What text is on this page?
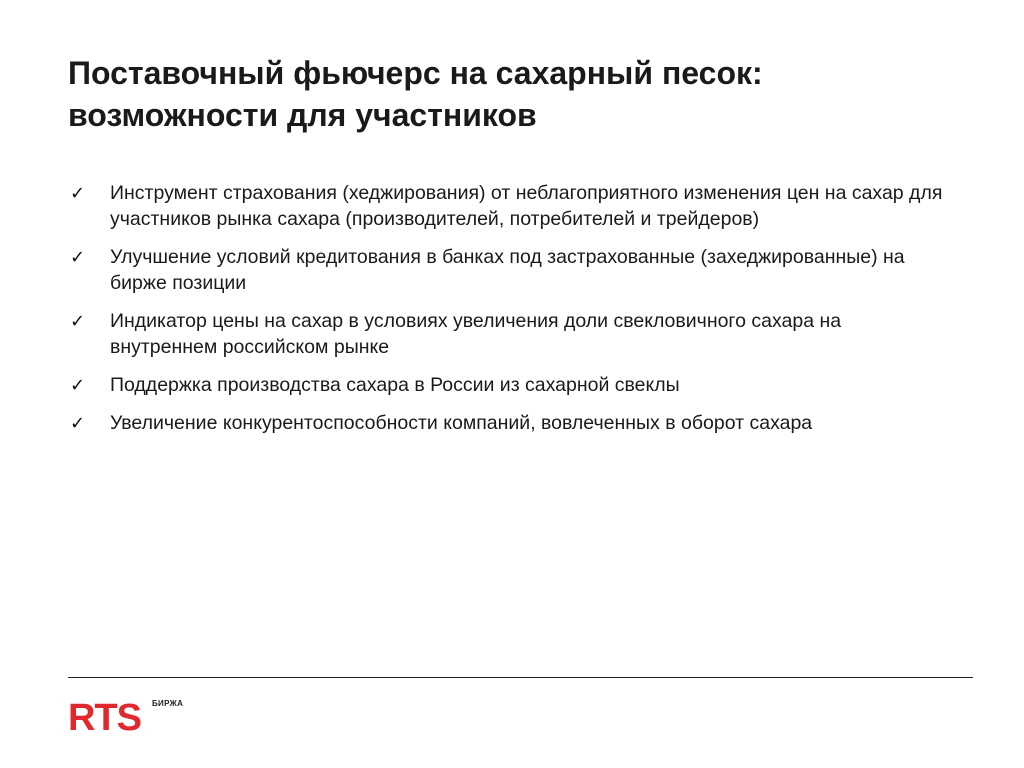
Поставочный фьючерс на сахарный песок:
возможности для участников
✓	Инструмент страхования (хеджирования) от неблагоприятного изменения цен на сахар для участников рынка сахара (производителей, потребителей и трейдеров)
✓	Улучшение условий кредитования в банках под застрахованные (захеджированные) на бирже позиции
✓	Индикатор цены на сахар в условиях увеличения доли свекловичного сахара на внутреннем российском рынке
✓	Поддержка производства сахара в России из сахарной свеклы
✓	Увеличение конкурентоспособности компаний, вовлеченных в оборот сахара
RTS БИРЖА
